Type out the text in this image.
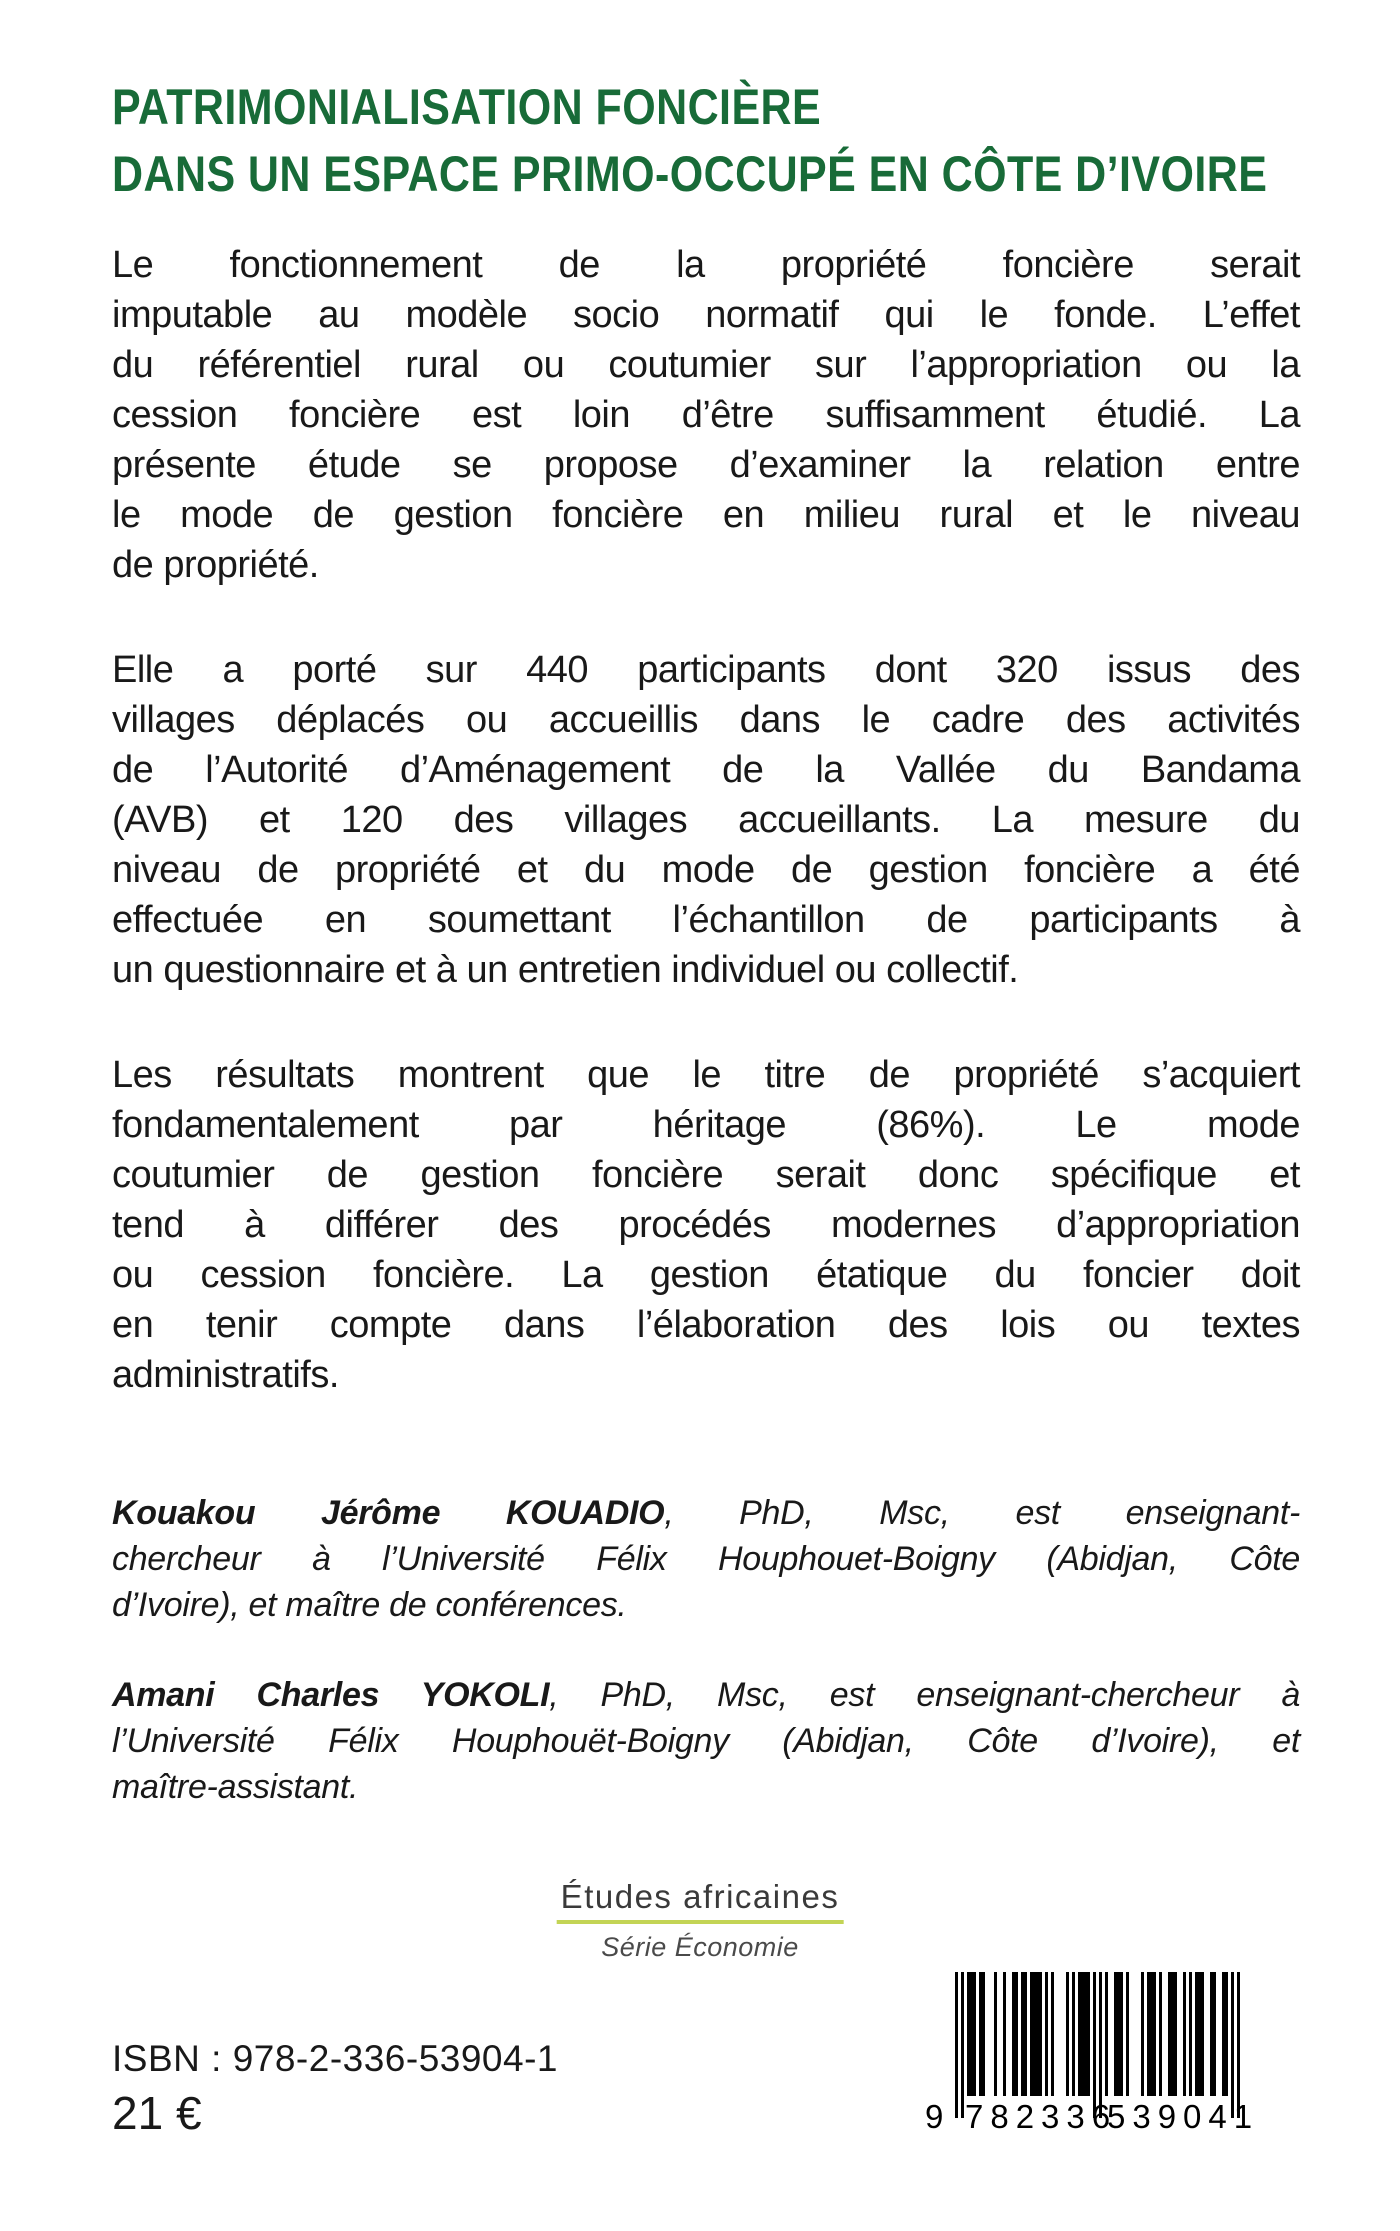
PATRIMONIALISATION FONCIÈRE
DANS UN ESPACE PRIMO-OCCUPÉ EN CÔTE D’IVOIRE
Le fonctionnement de la propriété foncière serait
imputable au modèle socio normatif qui le fonde. L’effet
du référentiel rural ou coutumier sur l’appropriation ou la
cession foncière est loin d’être suffisamment étudié. La
présente étude se propose d’examiner la relation entre
le mode de gestion foncière en milieu rural et le niveau
de propriété.
Elle a porté sur 440 participants dont 320 issus des
villages déplacés ou accueillis dans le cadre des activités
de l’Autorité d’Aménagement de la Vallée du Bandama
(AVB) et 120 des villages accueillants. La mesure du
niveau de propriété et du mode de gestion foncière a été
effectuée en soumettant l’échantillon de participants à
un questionnaire et à un entretien individuel ou collectif.
Les résultats montrent que le titre de propriété s’acquiert
fondamentalement par héritage (86%). Le mode
coutumier de gestion foncière serait donc spécifique et
tend à différer des procédés modernes d’appropriation
ou cession foncière. La gestion étatique du foncier doit
en tenir compte dans l’élaboration des lois ou textes
administratifs.
Kouakou Jérôme KOUADIO, PhD, Msc, est enseignant-
chercheur à l’Université Félix Houphouet-Boigny (Abidjan, Côte
d’Ivoire), et maître de conférences.
Amani Charles YOKOLI, PhD, Msc, est enseignant-chercheur à
l’Université Félix Houphouët-Boigny (Abidjan, Côte d’Ivoire), et
maître-assistant.
Études africaines
Série Économie
ISBN : 978-2-336-53904-1
21 €	9 782336
539041
